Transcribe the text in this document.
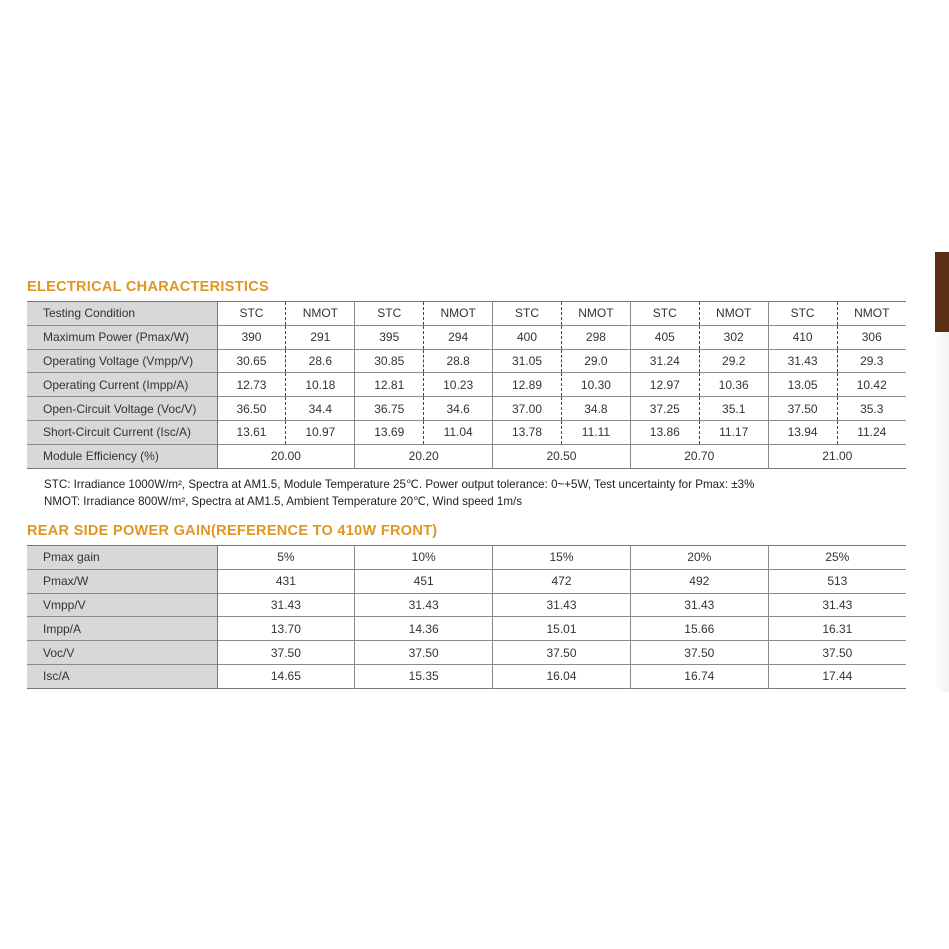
ELECTRICAL CHARACTERISTICS
Testing Condition	STC	NMOT	STC	NMOT	STC	NMOT	STC	NMOT	STC	NMOT
Maximum Power (Pmax/W)	390	291	395	294	400	298	405	302	410	306
Operating Voltage (Vmpp/V)	30.65	28.6	30.85	28.8	31.05	29.0	31.24	29.2	31.43	29.3
Operating Current (Impp/A)	12.73	10.18	12.81	10.23	12.89	10.30	12.97	10.36	13.05	10.42
Open-Circuit Voltage (Voc/V)	36.50	34.4	36.75	34.6	37.00	34.8	37.25	35.1	37.50	35.3
Short-Circuit Current (Isc/A)	13.61	10.97	13.69	11.04	13.78	11.11	13.86	11.17	13.94	11.24
Module Efficiency (%)	20.00		20.20		20.50		20.70		21.00	
STC: Irradiance 1000W/m², Spectra at AM1.5, Module Temperature 25℃. Power output tolerance: 0~+5W, Test uncertainty for Pmax: ±3%
NMOT: Irradiance 800W/m², Spectra at AM1.5, Ambient Temperature 20℃, Wind speed 1m/s
REAR SIDE POWER GAIN(REFERENCE TO 410W FRONT)
Pmax gain	5%	10%	15%	20%	25%
Pmax/W	431	451	472	492	513
Vmpp/V	31.43	31.43	31.43	31.43	31.43
Impp/A	13.70	14.36	15.01	15.66	16.31
Voc/V	37.50	37.50	37.50	37.50	37.50
Isc/A	14.65	15.35	16.04	16.74	17.44
